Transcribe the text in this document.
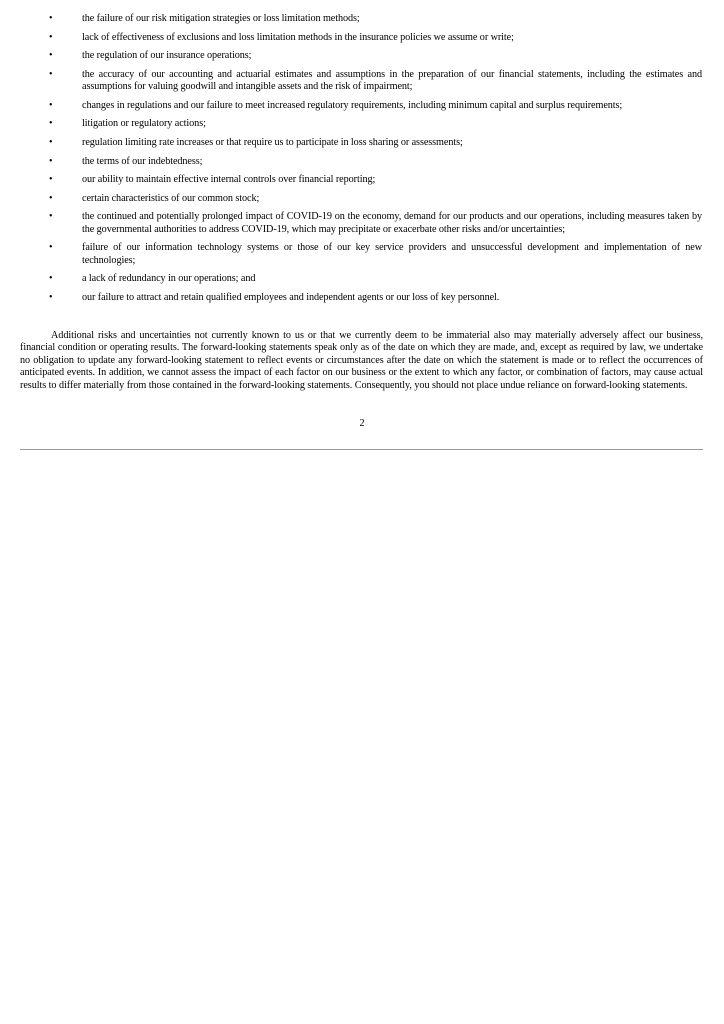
•	the failure of our risk mitigation strategies or loss limitation methods;
•	lack of effectiveness of exclusions and loss limitation methods in the insurance policies we assume or write;
•	the regulation of our insurance operations;
•	the accuracy of our accounting and actuarial estimates and assumptions in the preparation of our financial statements, including the estimates and assumptions for valuing goodwill and intangible assets and the risk of impairment;
•	changes in regulations and our failure to meet increased regulatory requirements, including minimum capital and surplus requirements;
•	litigation or regulatory actions;
•	regulation limiting rate increases or that require us to participate in loss sharing or assessments;
•	the terms of our indebtedness;
•	our ability to maintain effective internal controls over financial reporting;
•	certain characteristics of our common stock;
•	the continued and potentially prolonged impact of COVID-19 on the economy, demand for our products and our operations, including measures taken by the governmental authorities to address COVID-19, which may precipitate or exacerbate other risks and/or uncertainties;
•	failure of our information technology systems or those of our key service providers and unsuccessful development and implementation of new technologies;
•	a lack of redundancy in our operations; and
•	our failure to attract and retain qualified employees and independent agents or our loss of key personnel.

Additional risks and uncertainties not currently known to us or that we currently deem to be immaterial also may materially adversely affect our business, financial condition or operating results. The forward-looking statements speak only as of the date on which they are made, and, except as required by law, we undertake no obligation to update any forward-looking statement to reflect events or circumstances after the date on which the statement is made or to reflect the occurrences of anticipated events. In addition, we cannot assess the impact of each factor on our business or the extent to which any factor, or combination of factors, may cause actual results to differ materially from those contained in the forward-looking statements. Consequently, you should not place undue reliance on forward-looking statements.

2
